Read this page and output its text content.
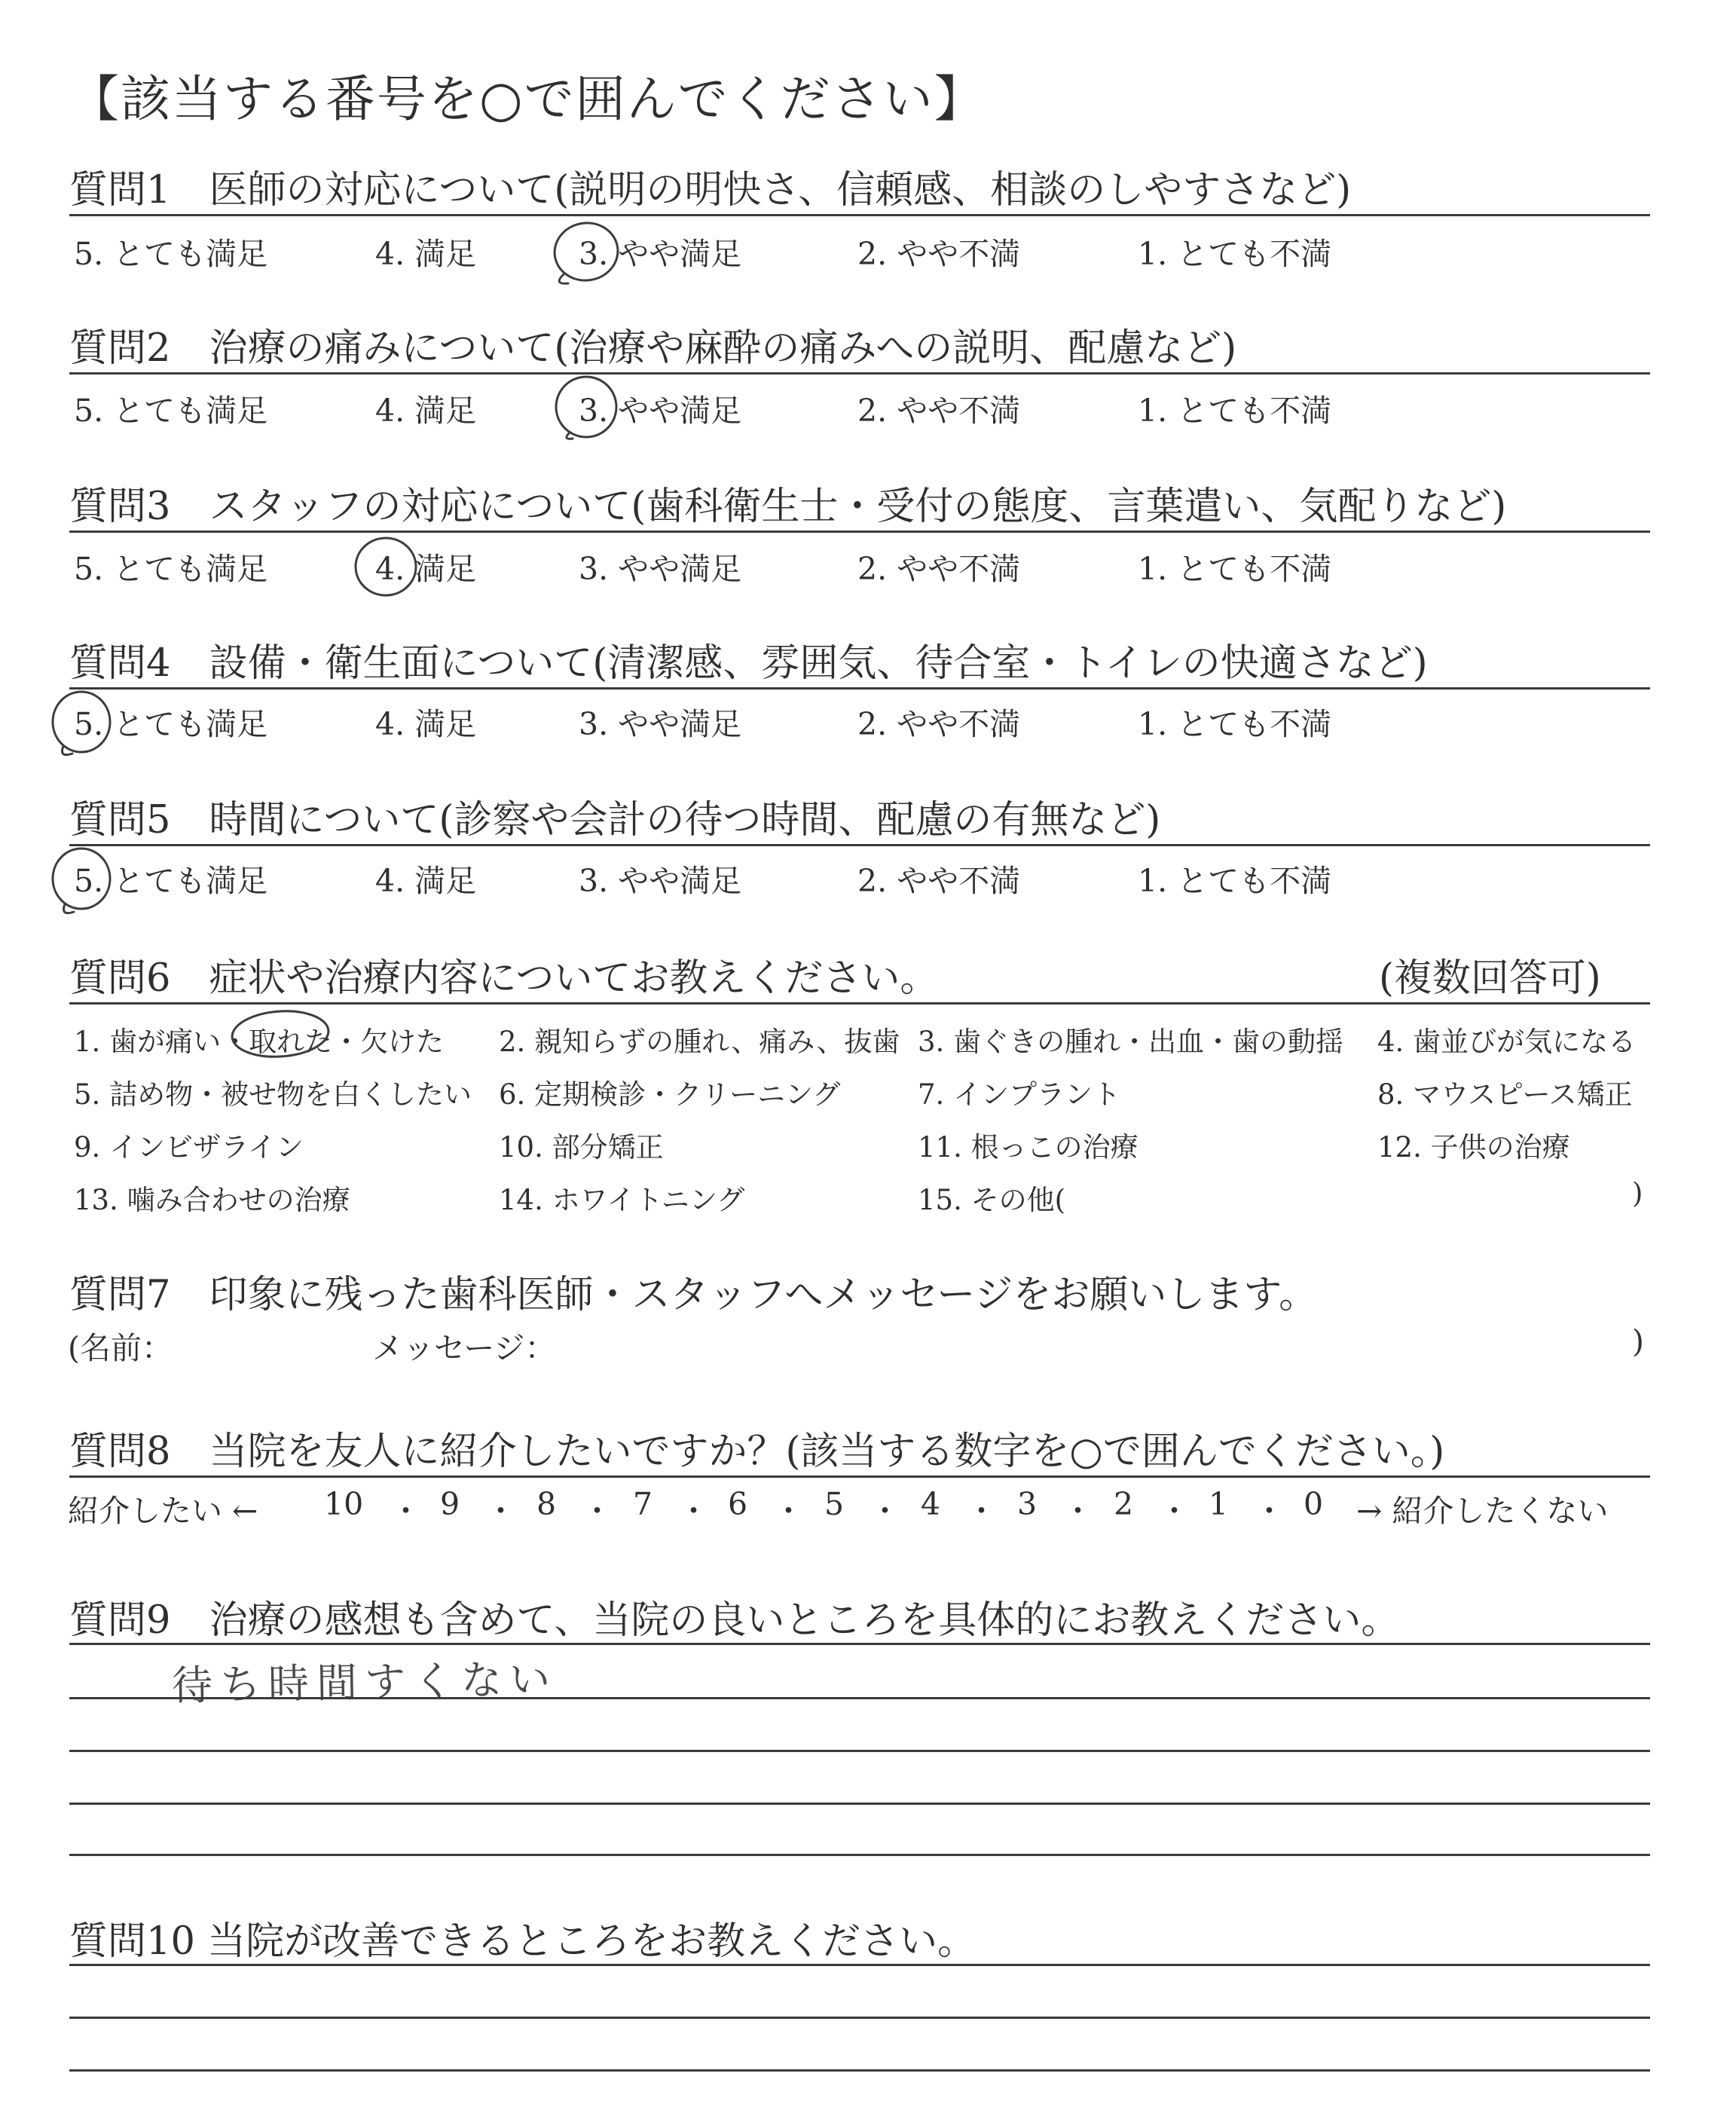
【該当する番号を○で囲んでください】
質問1　医師の対応について(説明の明快さ、信頼感、相談のしやすさなど)
5. とても満足	4. 満足	3. やや満足	2. やや不満	1. とても不満
質問2　治療の痛みについて(治療や麻酔の痛みへの説明、配慮など)
5. とても満足	4. 満足	3. やや満足	2. やや不満	1. とても不満
質問3　スタッフの対応について(歯科衛生士・受付の態度、言葉遣い、気配りなど)
5. とても満足	4. 満足	3. やや満足	2. やや不満	1. とても不満
質問4　設備・衛生面について(清潔感、雰囲気、待合室・トイレの快適さなど)
5. とても満足	4. 満足	3. やや満足	2. やや不満	1. とても不満
質問5　時間について(診察や会計の待つ時間、配慮の有無など)
5. とても満足	4. 満足	3. やや満足	2. やや不満	1. とても不満
質問6　症状や治療内容についてお教えください。	(複数回答可)
1. 歯が痛い・取れた・欠けた 2. 親知らずの腫れ、痛み、抜歯 3. 歯ぐきの腫れ・出血・歯の動揺 4. 歯並びが気になる
5. 詰め物・被せ物を白くしたい 6. 定期検診・クリーニング	7. インプラント	8. マウスピース矯正
9. インビザライン	10. 部分矯正	11. 根っこの治療	12. 子供の治療
13. 噛み合わせの治療	14. ホワイトニング	15. その他(	)
質問7　印象に残った歯科医師・スタッフへメッセージをお願いします。
(名前：	メッセージ：	)
質問8　当院を友人に紹介したいですか？(該当する数字を○で囲んでください。)
紹介したい ← 10 ・ 9 ・ 8 ・ 7 ・ 6 ・ 5 ・ 4 ・ 3 ・ 2 ・ 1 ・ 0 → 紹介したくない
質問9　治療の感想も含めて、当院の良いところを具体的にお教えください。
待ち時間すくない
質問10 当院が改善できるところをお教えください。
